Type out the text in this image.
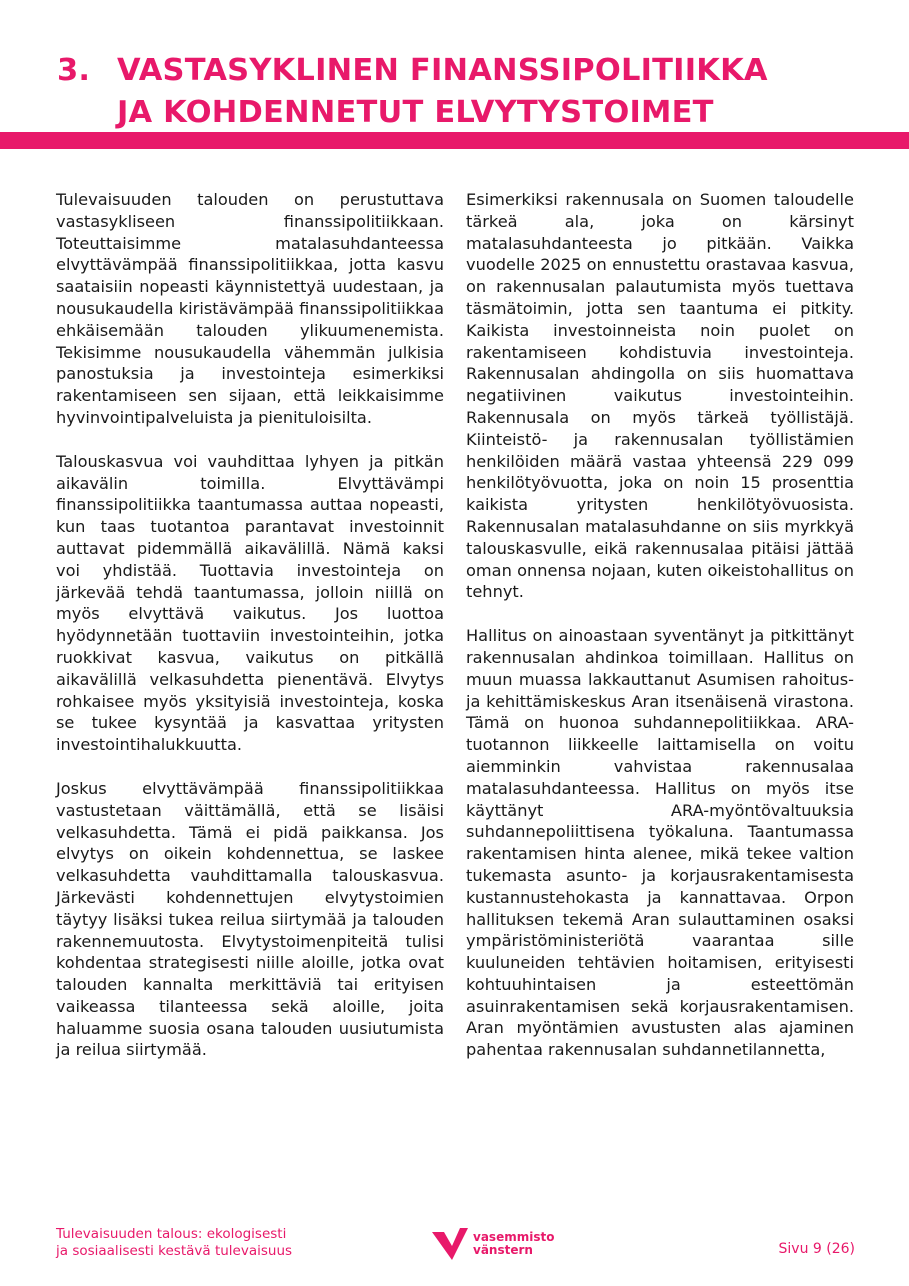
3. VASTASYKLINEN FINANSSIPOLITIIKKA
JA KOHDENNETUT ELVYTYSTOIMET

Tulevaisuuden talouden on perustuttava vastasykliseen finanssipolitiikkaan. Toteuttaisimme matalasuhdanteessa elvyttävämpää finanssipolitiikkaa, jotta kasvu saataisiin nopeasti käynnistettyä uudestaan, ja nousukaudella kiristävämpää finanssipolitiikkaa ehkäisemään talouden ylikuumenemista. Tekisimme nousukaudella vähemmän julkisia panostuksia ja investointeja esimerkiksi rakentamiseen sen sijaan, että leikkaisimme hyvinvointipalveluista ja pienituloisilta.

Talouskasvua voi vauhdittaa lyhyen ja pitkän aikavälin toimilla. Elvyttävämpi finanssipolitiikka taantumassa auttaa nopeasti, kun taas tuotantoa parantavat investoinnit auttavat pidemmällä aikavälillä. Nämä kaksi voi yhdistää. Tuottavia investointeja on järkevää tehdä taantumassa, jolloin niillä on myös elvyttävä vaikutus. Jos luottoa hyödynnetään tuottaviin investointeihin, jotka ruokkivat kasvua, vaikutus on pitkällä aikavälillä velkasuhdetta pienentävä. Elvytys rohkaisee myös yksityisiä investointeja, koska se tukee kysyntää ja kasvattaa yritysten investointihalukkuutta.

Joskus elvyttävämpää finanssipolitiikkaa vastustetaan väittämällä, että se lisäisi velkasuhdetta. Tämä ei pidä paikkansa. Jos elvytys on oikein kohdennettua, se laskee velkasuhdetta vauhdittamalla talouskasvua. Järkevästi kohdennettujen elvytystoimien täytyy lisäksi tukea reilua siirtymää ja talouden rakennemuutosta. Elvytystoimenpiteitä tulisi kohdentaa strategisesti niille aloille, jotka ovat talouden kannalta merkittäviä tai erityisen vaikeassa tilanteessa sekä aloille, joita haluamme suosia osana talouden uusiutumista ja reilua siirtymää.

Esimerkiksi rakennusala on Suomen taloudelle tärkeä ala, joka on kärsinyt matalasuhdanteesta jo pitkään. Vaikka vuodelle 2025 on ennustettu orastavaa kasvua, on rakennusalan palautumista myös tuettava täsmätoimin, jotta sen taantuma ei pitkity. Kaikista investoinneista noin puolet on rakentamiseen kohdistuvia investointeja. Rakennusalan ahdingolla on siis huomattava negatiivinen vaikutus investointeihin. Rakennusala on myös tärkeä työllistäjä. Kiinteistö- ja rakennusalan työllistämien henkilöiden määrä vastaa yhteensä 229 099 henkilötyövuotta, joka on noin 15 prosenttia kaikista yritysten henkilötyövuosista. Rakennusalan matalasuhdanne on siis myrkkyä talouskasvulle, eikä rakennusalaa pitäisi jättää oman onnensa nojaan, kuten oikeistohallitus on tehnyt.

Hallitus on ainoastaan syventänyt ja pitkittänyt rakennusalan ahdinkoa toimillaan. Hallitus on muun muassa lakkauttanut Asumisen rahoitus- ja kehittämiskeskus Aran itsenäisenä virastona. Tämä on huonoa suhdannepolitiikkaa. ARA-tuotannon liikkeelle laittamisella on voitu aiemminkin vahvistaa rakennusalaa matalasuhdanteessa. Hallitus on myös itse käyttänyt ARA-myöntövaltuuksia suhdannepoliittisena työkaluna. Taantumassa rakentamisen hinta alenee, mikä tekee valtion tukemasta asunto- ja korjausrakentamisesta kustannustehokasta ja kannattavaa. Orpon hallituksen tekemä Aran sulauttaminen osaksi ympäristöministeriötä vaarantaa sille kuuluneiden tehtävien hoitamisen, erityisesti kohtuuhintaisen ja esteettömän asuinrakentamisen sekä korjausrakentamisen. Aran myöntämien avustusten alas ajaminen pahentaa rakennusalan suhdannetilannetta,

Tulevaisuuden talous: ekologisesti
ja sosiaalisesti kestävä tulevaisuus
vasemmisto
vänstern	Sivu 9 (26)
